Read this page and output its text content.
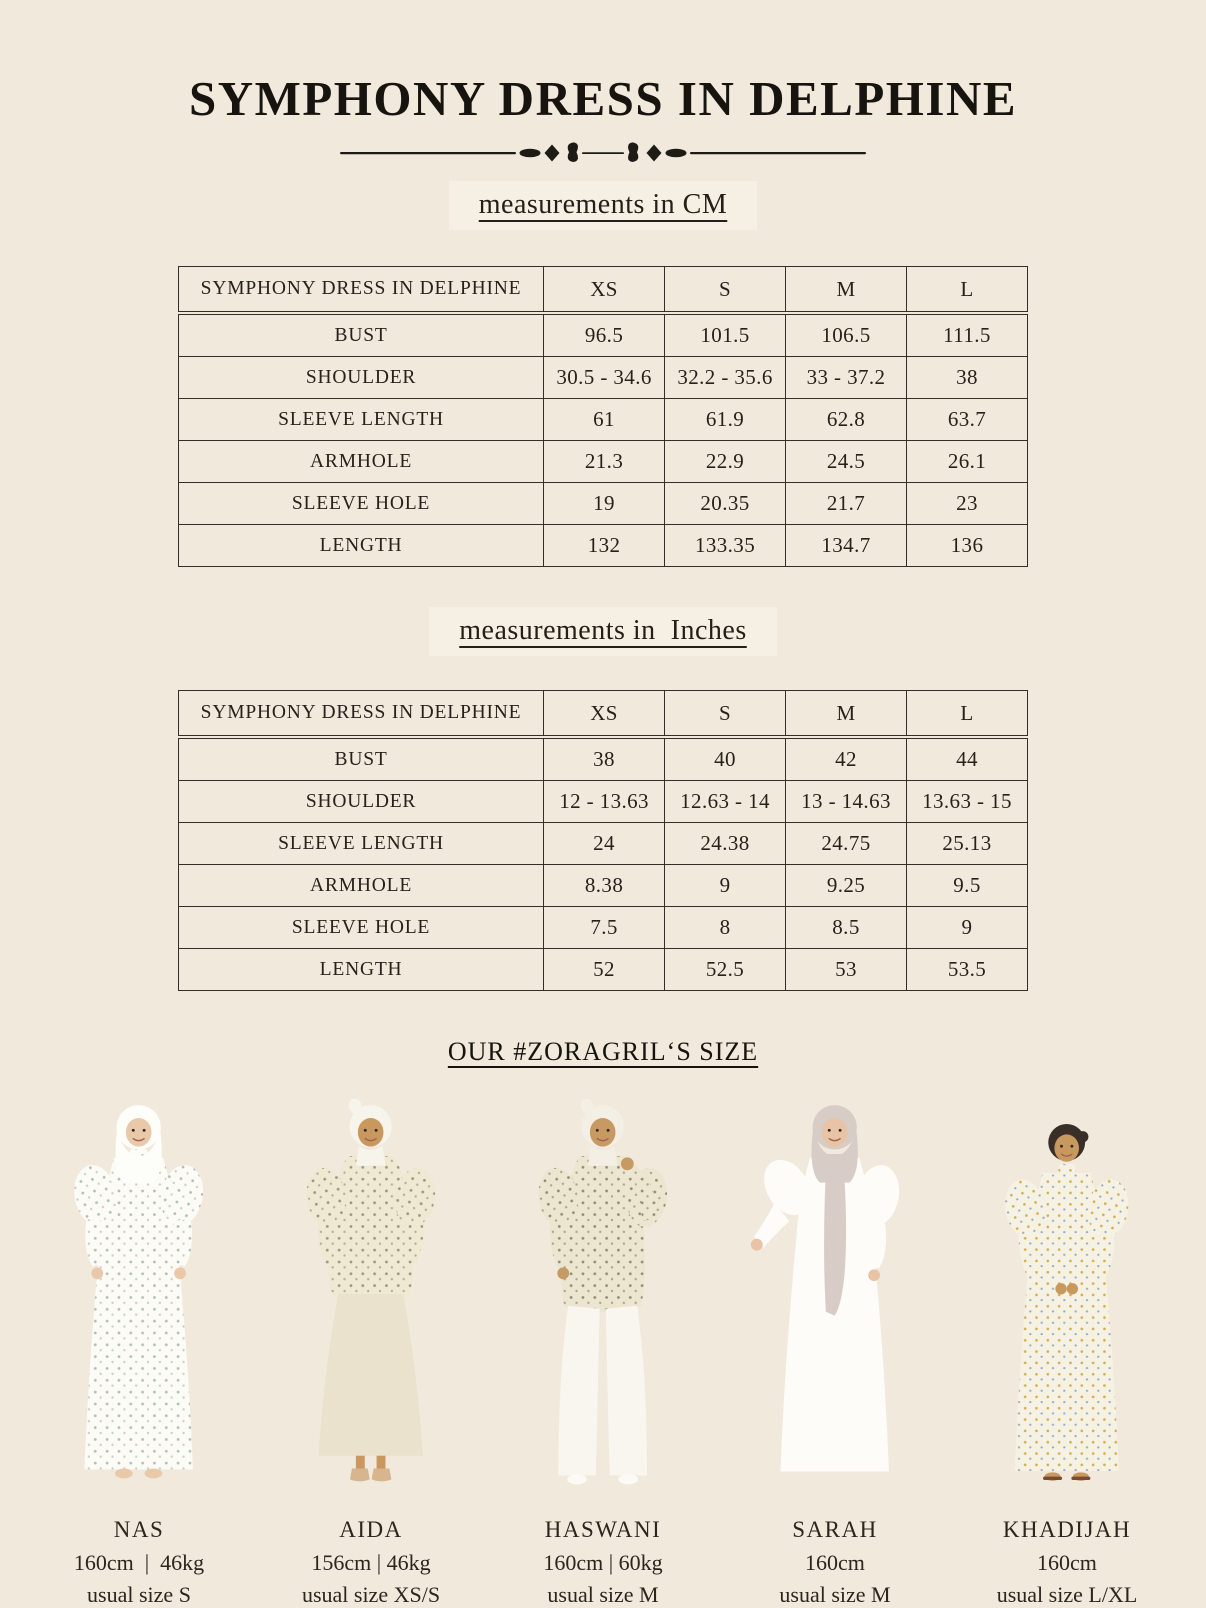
SYMPHONY DRESS IN DELPHINE
measurements in CM
SYMPHONY DRESS IN DELPHINE	XS	S	M	L
BUST	96.5	101.5	106.5	111.5
SHOULDER	30.5 - 34.6	32.2 - 35.6	33 - 37.2	38
SLEEVE LENGTH	61	61.9	62.8	63.7
ARMHOLE	21.3	22.9	24.5	26.1
SLEEVE HOLE	19	20.35	21.7	23
LENGTH	132	133.35	134.7	136
measurements in  Inches
SYMPHONY DRESS IN DELPHINE	XS	S	M	L
BUST	38	40	42	44
SHOULDER	12 - 13.63	12.63 - 14	13 - 14.63	13.63 - 15
SLEEVE LENGTH	24	24.38	24.75	25.13
ARMHOLE	8.38	9	9.25	9.5
SLEEVE HOLE	7.5	8	8.5	9
LENGTH	52	52.5	53	53.5
OUR #ZORAGRIL‘S SIZE
NAS
160cm  |  46kg
usual size S
AIDA
156cm | 46kg
usual size XS/S
HASWANI
160cm | 60kg
usual size M
SARAH
160cm
usual size M
KHADIJAH
160cm
usual size L/XL
